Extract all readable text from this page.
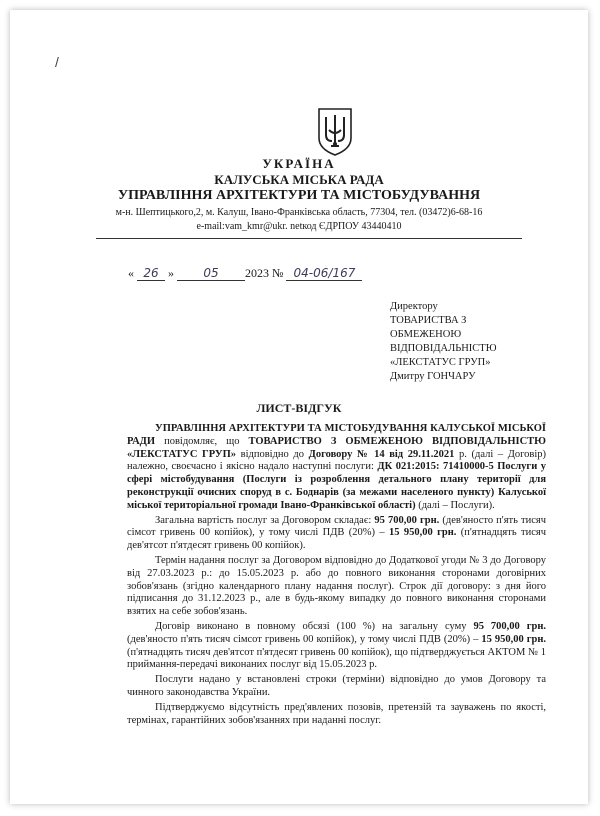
/
УКРАЇНА
КАЛУСЬКА МІСЬКА РАДА
УПРАВЛІННЯ АРХІТЕКТУРИ ТА МІСТОБУДУВАННЯ
м-н. Шептицького,2, м. Калуш, Івано-Франківська область, 77304, тел. (03472)6-68-16
e-mail:vam_kmr@ukr. netкод ЄДРПОУ 43440410
« 26 » 05 2023 № 04-06/167
Директору
ТОВАРИСТВА З
ОБМЕЖЕНОЮ
ВІДПОВІДАЛЬНІСТЮ
«ЛЕКСТАТУС ГРУП»
Дмитру ГОНЧАРУ
ЛИСТ-ВІДГУК

УПРАВЛІННЯ АРХІТЕКТУРИ ТА МІСТОБУДУВАННЯ КАЛУСЬКОЇ МІСЬКОЇ РАДИ повідомляє, що ТОВАРИСТВО З ОБМЕЖЕНОЮ ВІДПОВІДАЛЬНІСТЮ «ЛЕКСТАТУС ГРУП» відповідно до Договору № 14 від 29.11.2021 р. (далі – Договір) належно, своєчасно і якісно надало наступні послуги: ДК 021:2015: 71410000-5 Послуги у сфері містобудування (Послуги із розроблення детального плану території для реконструкції очисних споруд в с. Боднарів (за межами населеного пункту) Калуської міської територіальної громади Івано-Франківської області) (далі – Послуги).

Загальна вартість послуг за Договором складає: 95 700,00 грн. (дев'яносто п'ять тисяч сімсот гривень 00 копійок), у тому числі ПДВ (20%) – 15 950,00 грн. (п'ятнадцять тисяч дев'ятсот п'ятдесят гривень 00 копійок).

Термін надання послуг за Договором відповідно до Додаткової угоди № 3 до Договору від 27.03.2023 р.: до 15.05.2023 р. або до повного виконання сторонами договірних зобов'язань (згідно календарного плану надання послуг). Строк дії договору: з дня його підписання до 31.12.2023 р., але в будь-якому випадку до повного виконання сторонами взятих на себе зобов'язань.

Договір виконано в повному обсязі (100 %) на загальну суму 95 700,00 грн. (дев'яносто п'ять тисяч сімсот гривень 00 копійок), у тому числі ПДВ (20%) – 15 950,00 грн. (п'ятнадцять тисяч дев'ятсот п'ятдесят гривень 00 копійок), що підтверджується АКТОМ № 1 приймання-передачі виконаних послуг від 15.05.2023 р.

Послуги надано у встановлені строки (терміни) відповідно до умов Договору та чинного законодавства України.

Підтверджуємо відсутність пред'явлених позовів, претензій та зауважень по якості, термінах, гарантійних зобов'язаннях при наданні послуг.
